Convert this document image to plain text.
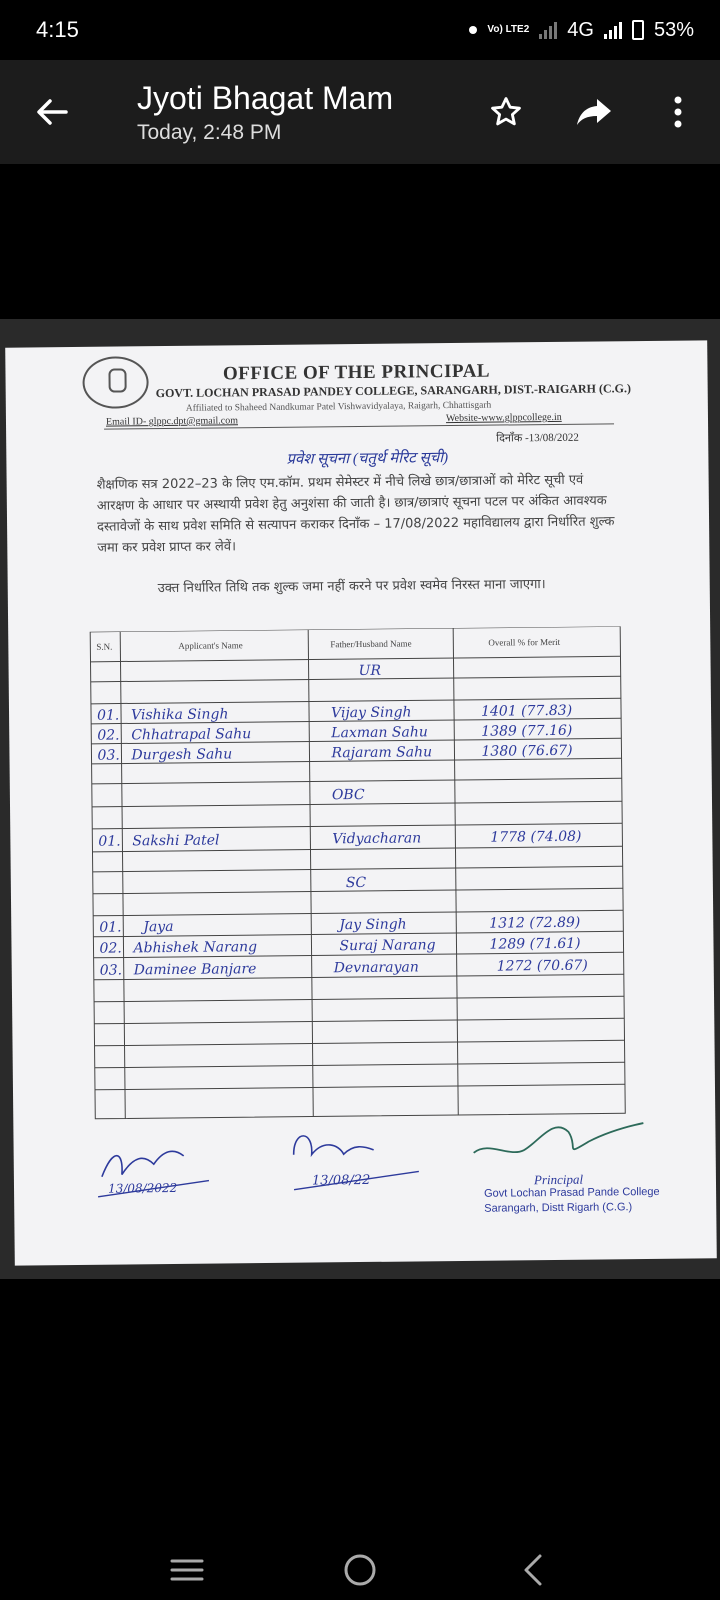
4:15	Vo) LTE2 4G	53%
Jyoti Bhagat Mam
Today, 2:48 PM
OFFICE OF THE PRINCIPAL
GOVT. LOCHAN PRASAD PANDEY COLLEGE, SARANGARH, DIST.-RAIGARH (C.G.)
Affiliated to Shaheed Nandkumar Patel Vishwavidyalaya, Raigarh, Chhattisgarh
Email ID- glppc.dpt@gmail.com	Website-www.glppcollege.in
दिनाँक -13/08/2022
प्रवेश सूचना (चतुर्थ मेरिट सूची)
शैक्षणिक सत्र 2022–23 के लिए एम.कॉम. प्रथम सेमेस्टर में नीचे लिखे छात्र/छात्राओं को मेरिट सूची एवं आरक्षण के आधार पर अस्थायी प्रवेश हेतु अनुशंसा की जाती है। छात्र/छात्राएं सूचना पटल पर अंकित आवश्यक दस्तावेजों के साथ प्रवेश समिति से सत्यापन कराकर दिनाँक – 17/08/2022 महाविद्यालय द्वारा निर्धारित शुल्क जमा कर प्रवेश प्राप्त कर लेवें।
उक्त निर्धारित तिथि तक शुल्क जमा नहीं करने पर प्रवेश स्वमेव निरस्त माना जाएगा।
S.N.	Applicant's Name	Father/Husband Name	Overall % for Merit
UR
01. Vishika Singh	Vijay Singh	1401 (77.83)
02. Chhatrapal Sahu	Laxman Sahu	1389 (77.16)
03. Durgesh Sahu	Rajaram Sahu	1380 (76.67)
OBC
01. Sakshi Patel	Vidyacharan	1778 (74.08)
SC
01. Jaya	Jay Singh	1312 (72.89)
02. Abhishek Narang	Suraj Narang	1289 (71.61)
03. Daminee Banjare	Devnarayan	1272 (70.67)
13/08/2022	13/08/22	Principal
Govt Lochan Prasad Pande College
Sarangarh, Distt Rigarh (C.G.)
